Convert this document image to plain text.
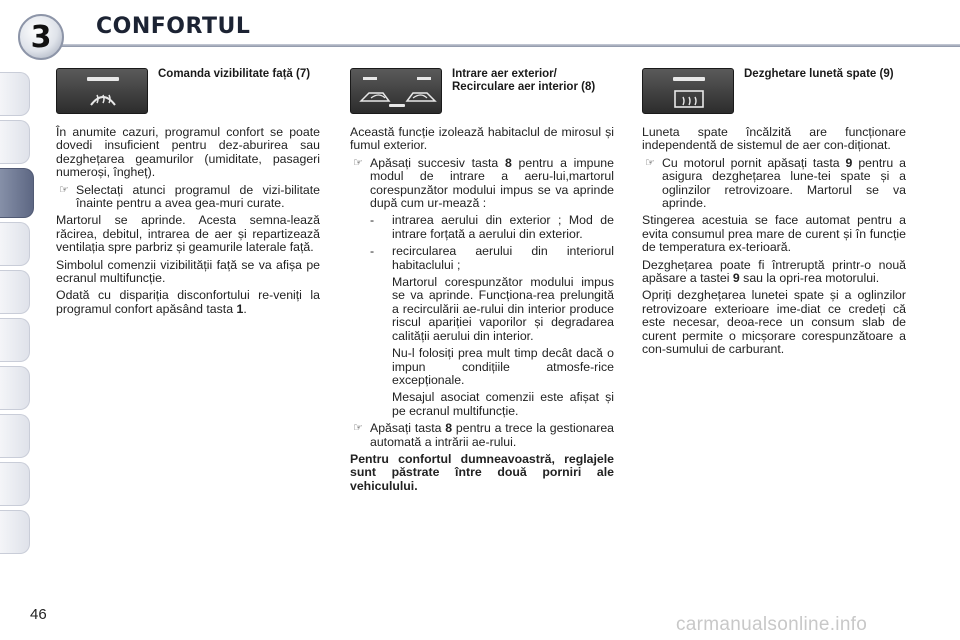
3	CONFORTUL
Comanda vizibilitate față (7)

În anumite cazuri, programul confort se poate dovedi insuficient pentru dez-aburirea sau dezghețarea geamurilor (umiditate, pasageri numeroși, îngheț).

☞ Selectați atunci programul de vizi-bilitate înainte pentru a avea gea-muri curate.

Martorul se aprinde. Acesta semna-lează răcirea, debitul, intrarea de aer și repartizează ventilația spre parbriz și geamurile laterale față.

Simbolul comenzii vizibilității față se va afișa pe ecranul multifuncție.

Odată cu dispariția disconfortului re-veniți la programul confort apăsând tasta 1.

Intrare aer exterior/ Recirculare aer interior (8)

Această funcție izolează habitaclul de mirosul și fumul exterior.

☞ Apăsați succesiv tasta 8 pentru a impune modul de intrare a aeru-lui,martorul corespunzător modului impus se va aprinde după cum ur-mează :
- intrarea aerului din exterior ; Mod de intrare forțată a aerului din exterior.
- recircularea aerului din interiorul habitaclului ;
Martorul corespunzător modului impus se va aprinde. Funcționa-rea prelungită a recirculării ae-rului din interior produce riscul apariției vaporilor și degradarea calității aerului din interior.
Nu-l folosiți prea mult timp decât dacă o impun condițiile atmosfe-rice excepționale.
Mesajul asociat comenzii este afișat și pe ecranul multifuncție.
☞ Apăsați tasta 8 pentru a trece la gestionarea automată a intrării ae-rului.

Pentru confortul dumneavoastră, reglajele sunt păstrate între două porniri ale vehiculului.

Dezghetare lunetă spate (9)

Luneta spate încălzită are funcționare independentă de sistemul de aer con-diționat.

☞ Cu motorul pornit apăsați tasta 9 pentru a asigura dezghețarea lune-tei spate și a oglinzilor retrovizoare. Martorul se va aprinde.

Stingerea acestuia se face automat pentru a evita consumul prea mare de curent și în funcție de temperatura ex-terioară.

Dezghețarea poate fi întreruptă printr-o nouă apăsare a tastei 9 sau la opri-rea motorului.

Opriți dezghețarea lunetei spate și a oglinzilor retrovizoare exterioare ime-diat ce credeți că este necesar, deoa-rece un consum slab de curent permite o micșorare corespunzătoare a con-sumului de carburant.

46	carmanualsonline.info
